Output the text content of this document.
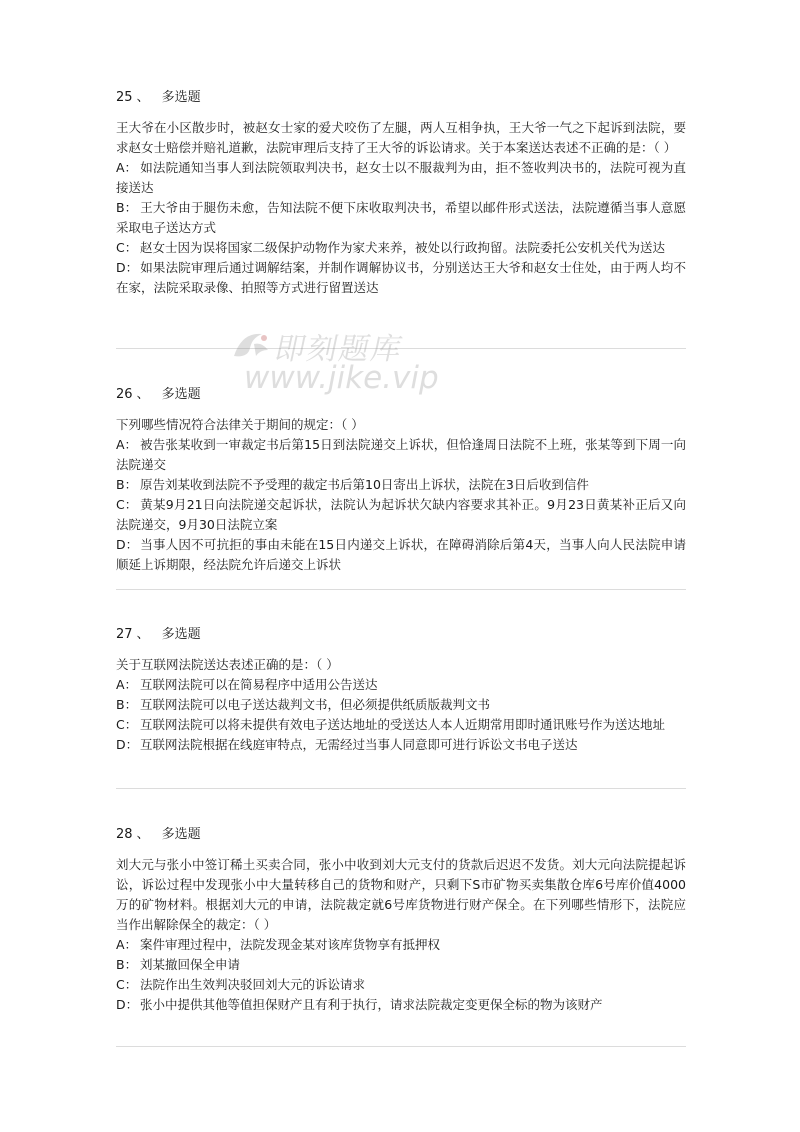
25 、 多选题

王大爷在小区散步时，被赵女士家的爱犬咬伤了左腿，两人互相争执，王大爷一气之下起诉到法院，要求赵女士赔偿并赔礼道歉，法院审理后支持了王大爷的诉讼请求。关于本案送达表述不正确的是：（ ）

A： 如法院通知当事人到法院领取判决书，赵女士以不服裁判为由，拒不签收判决书的，法院可视为直接送达

B： 王大爷由于腿伤未愈，告知法院不便下床收取判决书，希望以邮件形式送法，法院遵循当事人意愿采取电子送达方式

C： 赵女士因为误将国家二级保护动物作为家犬来养，被处以行政拘留。法院委托公安机关代为送达

D： 如果法院审理后通过调解结案，并制作调解协议书，分别送达王大爷和赵女士住处，由于两人均不在家，法院采取录像、拍照等方式进行留置送达

26 、 多选题

下列哪些情况符合法律关于期间的规定：（ ）

A： 被告张某收到一审裁定书后第15日到法院递交上诉状，但恰逢周日法院不上班，张某等到下周一向法院递交

B： 原告刘某收到法院不予受理的裁定书后第10日寄出上诉状，法院在3日后收到信件

C： 黄某9月21日向法院递交起诉状，法院认为起诉状欠缺内容要求其补正。9月23日黄某补正后又向法院递交，9月30日法院立案

D： 当事人因不可抗拒的事由未能在15日内递交上诉状，在障碍消除后第4天，当事人向人民法院申请顺延上诉期限，经法院允许后递交上诉状

27 、 多选题

关于互联网法院送达表述正确的是：（ ）

A： 互联网法院可以在简易程序中适用公告送达

B： 互联网法院可以电子送达裁判文书，但必须提供纸质版裁判文书

C： 互联网法院可以将未提供有效电子送达地址的受送达人本人近期常用即时通讯账号作为送达地址

D： 互联网法院根据在线庭审特点，无需经过当事人同意即可进行诉讼文书电子送达

28 、 多选题

刘大元与张小中签订稀土买卖合同，张小中收到刘大元支付的货款后迟迟不发货。刘大元向法院提起诉讼，诉讼过程中发现张小中大量转移自己的货物和财产，只剩下S市矿物买卖集散仓库6号库价值4000万的矿物材料。根据刘大元的申请，法院裁定就6号库货物进行财产保全。在下列哪些情形下，法院应当作出解除保全的裁定：（ ）

A： 案件审理过程中，法院发现金某对该库货物享有抵押权

B： 刘某撤回保全申请

C： 法院作出生效判决驳回刘大元的诉讼请求

D： 张小中提供其他等值担保财产且有利于执行，请求法院裁定变更保全标的物为该财产

即刻题库
www.jike.vip
